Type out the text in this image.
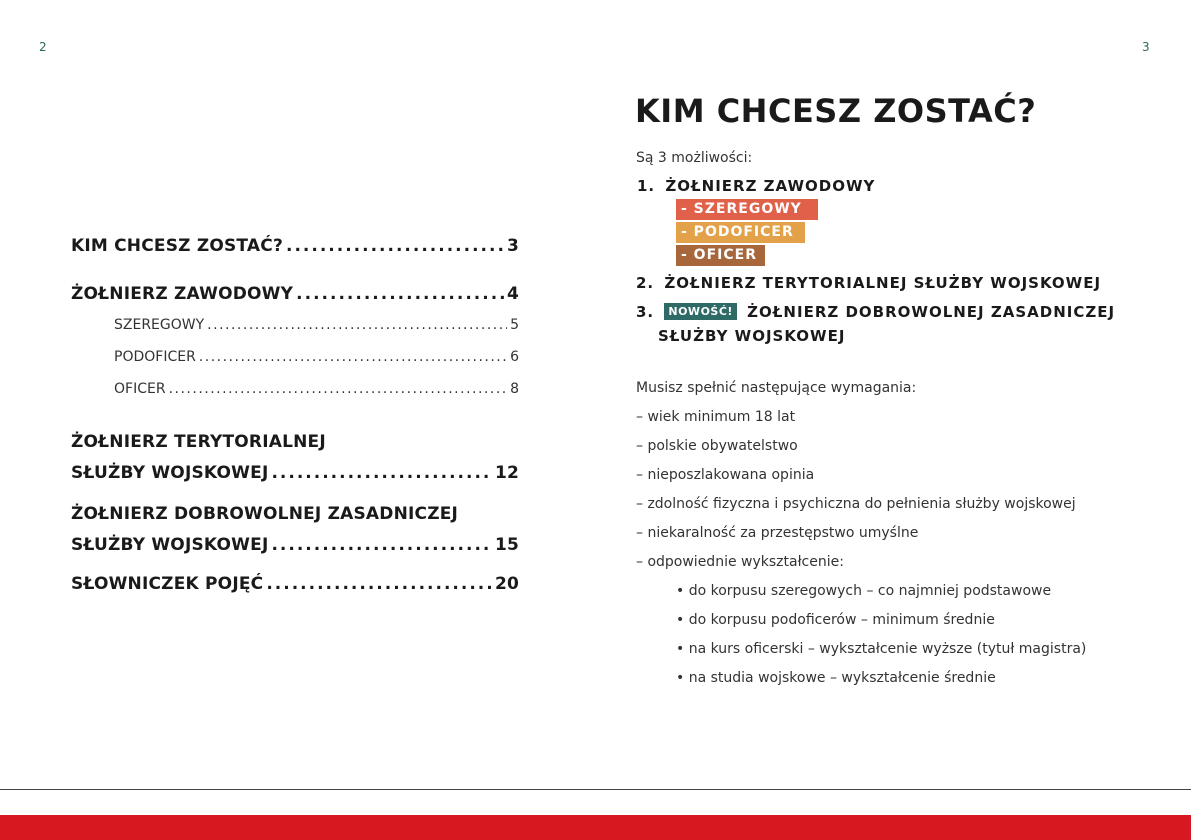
2	3
KIM CHCESZ ZOSTAĆ? .....	3
ŻOŁNIERZ ZAWODOWY .....	4
SZEREGOWY .....	5
PODOFICER .....	6
OFICER .....	8
ŻOŁNIERZ TERYTORIALNEJ
SŁUŻBY WOJSKOWEJ .....	12
ŻOŁNIERZ DOBROWOLNEJ ZASADNICZEJ
SŁUŻBY WOJSKOWEJ .....	15
SŁOWNICZEK POJĘĆ .....	20
KIM CHCESZ ZOSTAĆ?
Są 3 możliwości:
1. ŻOŁNIERZ ZAWODOWY
- SZEREGOWY
- PODOFICER
- OFICER
2. ŻOŁNIERZ TERYTORIALNEJ SŁUŻBY WOJSKOWEJ
3. NOWOŚĆ! ŻOŁNIERZ DOBROWOLNEJ ZASADNICZEJ
SŁUŻBY WOJSKOWEJ
Musisz spełnić następujące wymagania:
– wiek minimum 18 lat
– polskie obywatelstwo
– nieposzlakowana opinia
– zdolność fizyczna i psychiczna do pełnienia służby wojskowej
– niekaralność za przestępstwo umyślne
– odpowiednie wykształcenie:
• do korpusu szeregowych – co najmniej podstawowe
• do korpusu podoficerów – minimum średnie
• na kurs oficerski – wykształcenie wyższe (tytuł magistra)
• na studia wojskowe – wykształcenie średnie
